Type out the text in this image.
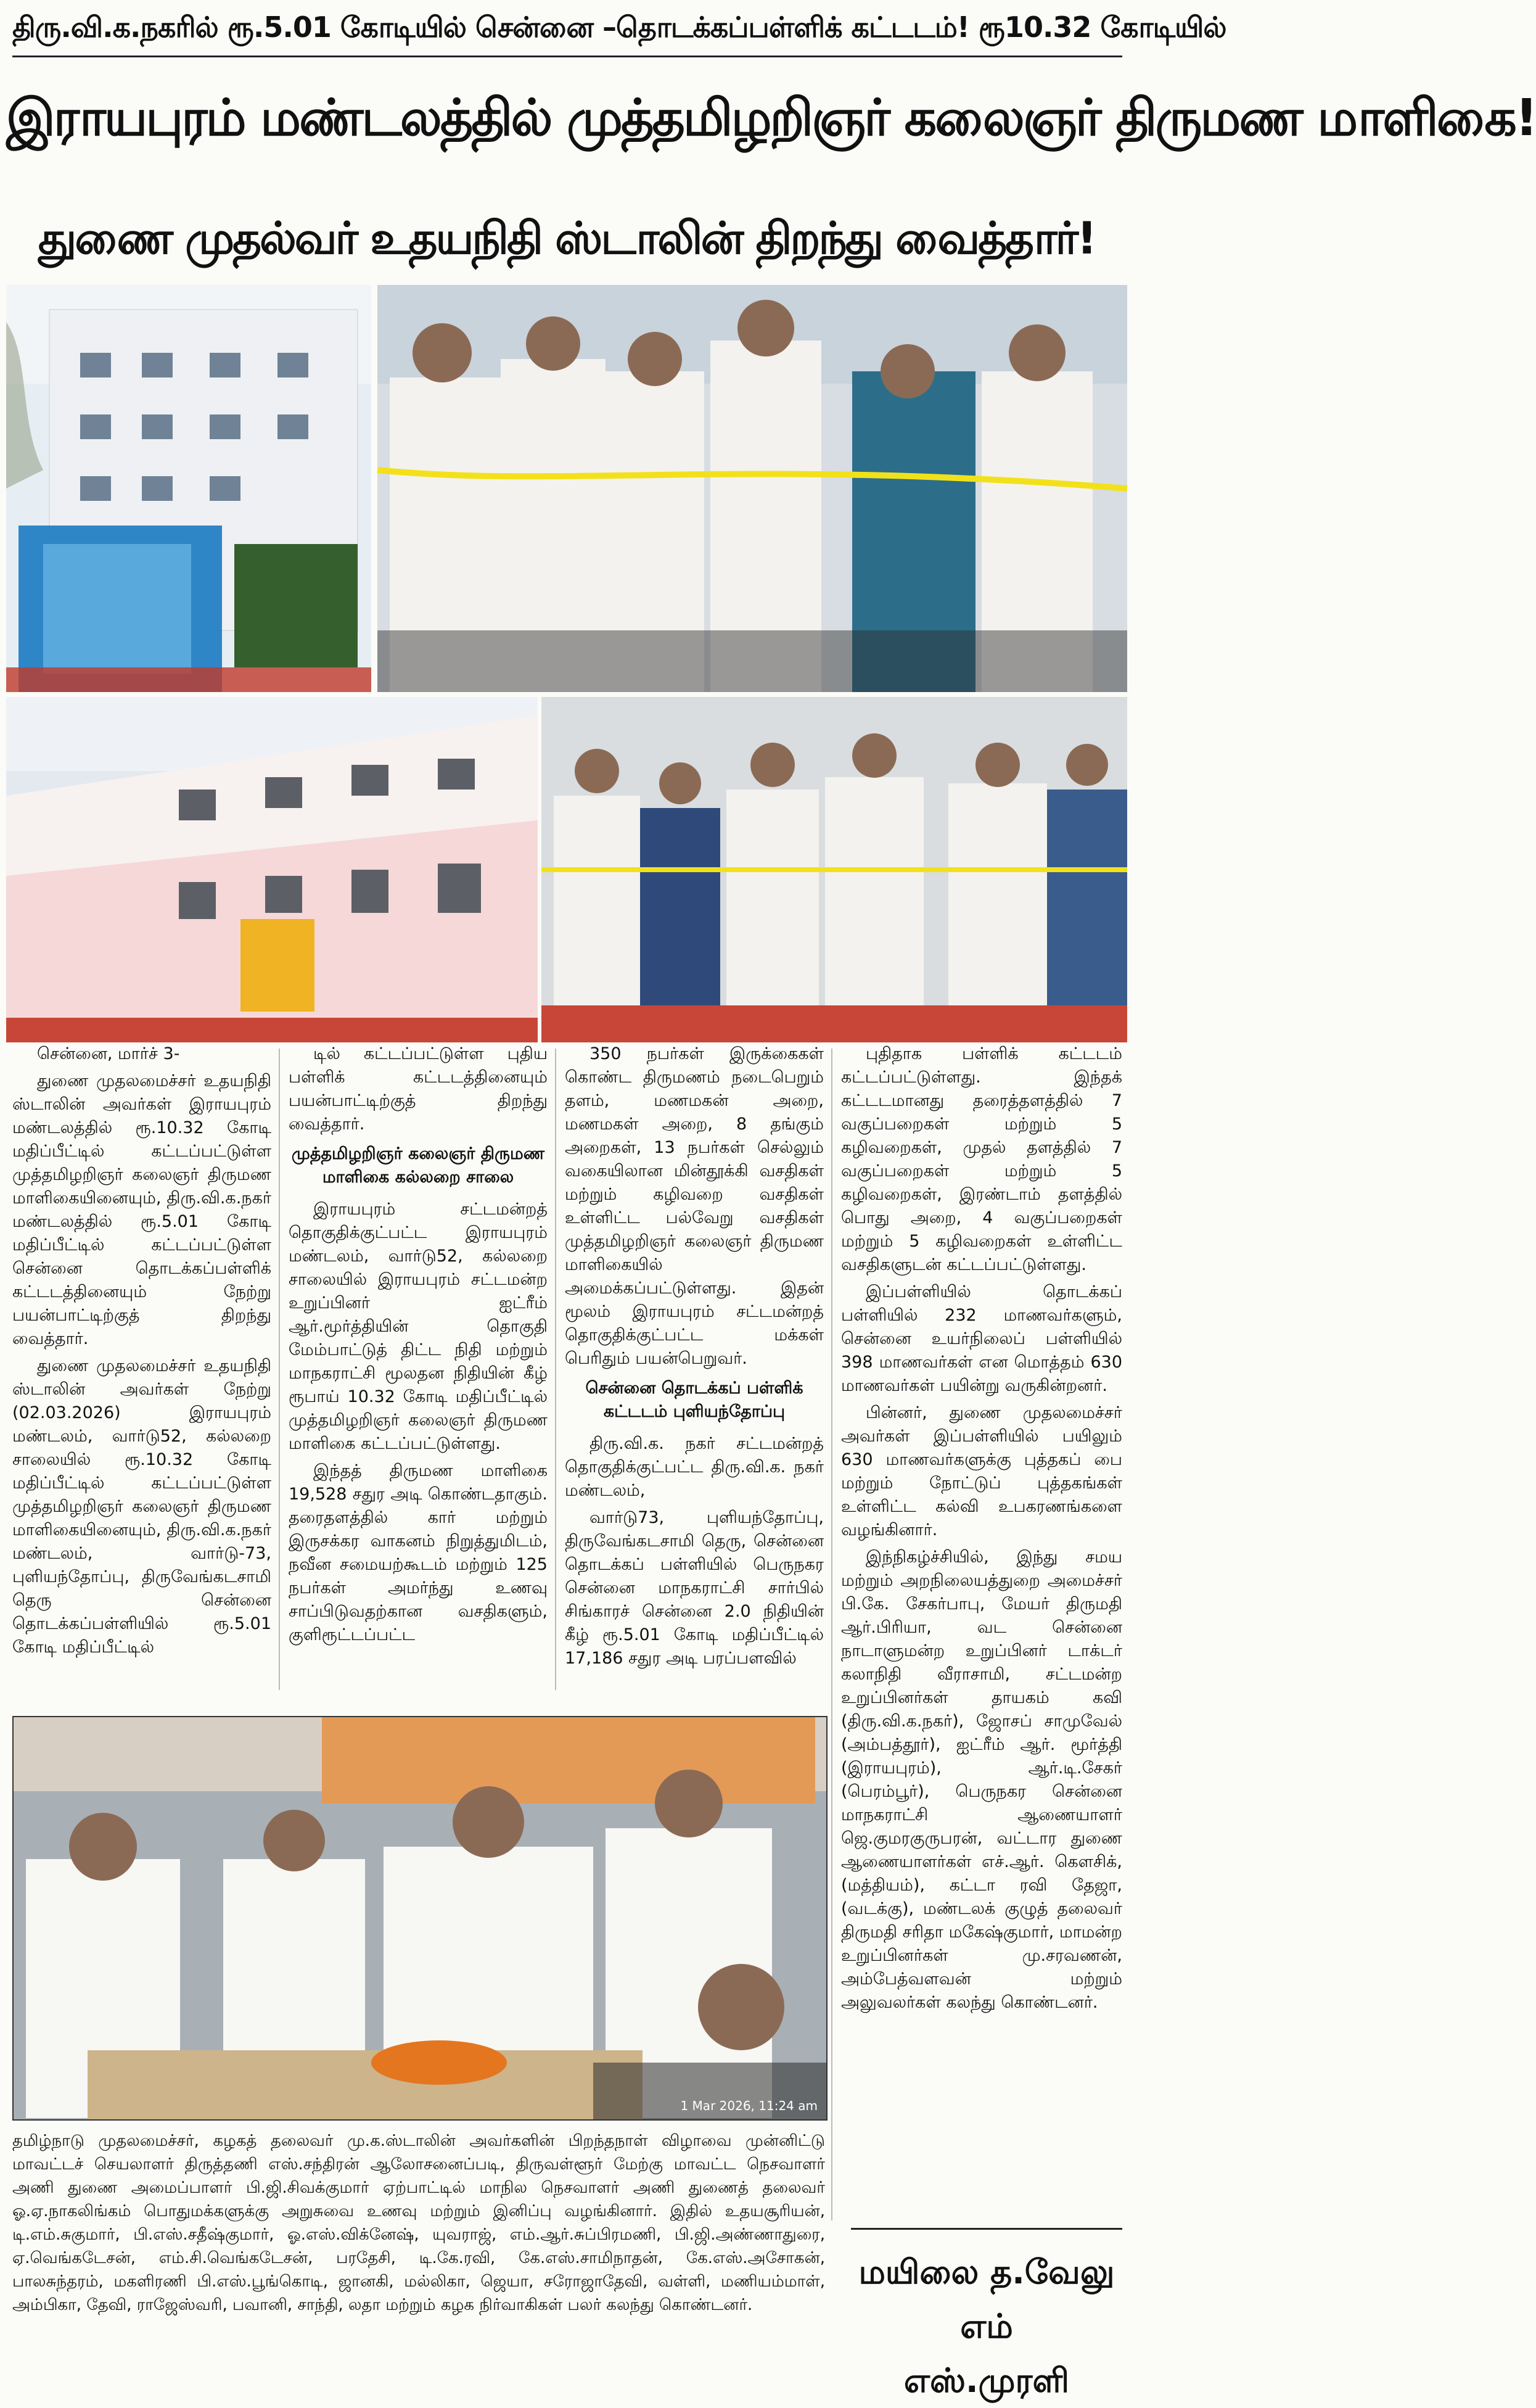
திரு.வி.க.நகரில் ரூ.5.01 கோடியில் சென்னை – தொடக்கப்பள்ளிக் கட்டடம்! ரூ10.32 கோடியில்
இராயபுரம் மண்டலத்தில் முத்தமிழறிஞர் கலைஞர் திருமண மாளிகை!
துணை முதல்வர் உதயநிதி ஸ்டாலின் திறந்து வைத்தார்!

சென்னை, மார்ச் 3-

துணை முதலமைச்சர் உதயநிதி ஸ்டாலின் அவர்கள் இராயபுரம் மண்டலத்தில் ரூ.10.32 கோடி மதிப்பீட்டில் கட்டப்பட்டுள்ள முத்தமிழறிஞர் கலைஞர் திருமண மாளிகையினையும், திரு.வி.க.நகர் மண்டலத்தில் ரூ.5.01 கோடி மதிப்பீட்டில் கட்டப்பட்டுள்ள சென்னை தொடக்கப்பள்ளிக் கட்டடத்தினையும் நேற்று பயன்பாட்டிற்குத் திறந்து வைத்தார்.

துணை முதலமைச்சர் உதயநிதி ஸ்டாலின் அவர்கள் நேற்று (02.03.2026) இராயபுரம் மண்டலம், வார்டு52, கல்லறை சாலையில் ரூ.10.32 கோடி மதிப்பீட்டில் கட்டப்பட்டுள்ள முத்தமிழறிஞர் கலைஞர் திருமண மாளிகையினையும், திரு.வி.க.நகர் மண்டலம், வார்டு-73, புளியந்தோப்பு, திருவேங்கடசாமி தெரு சென்னை தொடக்கப்பள்ளியில் ரூ.5.01 கோடி மதிப்பீட்டில்

டில் கட்டப்பட்டுள்ள புதிய பள்ளிக் கட்டடத்தினையும் பயன்பாட்டிற்குத் திறந்து வைத்தார்.

முத்தமிழறிஞர் கலைஞர் திருமண மாளிகை கல்லறை சாலை

இராயபுரம் சட்டமன்றத் தொகுதிக்குட்பட்ட இராயபுரம் மண்டலம், வார்டு52, கல்லறை சாலையில் இராயபுரம் சட்டமன்ற உறுப்பினர் ஐட்ரீம் ஆர்.மூர்த்தியின் தொகுதி மேம்பாட்டுத் திட்ட நிதி மற்றும் மாநகராட்சி மூலதன நிதியின் கீழ் ரூபாய் 10.32 கோடி மதிப்பீட்டில் முத்தமிழறிஞர் கலைஞர் திருமண மாளிகை கட்டப்பட்டுள்ளது.

இந்தத் திருமண மாளிகை 19,528 சதுர அடி கொண்டதாகும். தரைதளத்தில் கார் மற்றும் இருசக்கர வாகனம் நிறுத்துமிடம், நவீன சமையற்கூடம் மற்றும் 125 நபர்கள் அமர்ந்து உணவு சாப்பிடுவதற்கான வசதிகளும், குளிரூட்டப்பட்ட

350 நபர்கள் இருக்கைகள் கொண்ட திருமணம் நடைபெறும் தளம், மணமகன் அறை, மணமகள் அறை, 8 தங்கும் அறைகள், 13 நபர்கள் செல்லும் வகையிலான மின்தூக்கி வசதிகள் மற்றும் கழிவறை வசதிகள் உள்ளிட்ட பல்வேறு வசதிகள் முத்தமிழறிஞர் கலைஞர் திருமண மாளிகையில் அமைக்கப்பட்டுள்ளது. இதன் மூலம் இராயபுரம் சட்டமன்றத் தொகுதிக்குட்பட்ட மக்கள் பெரிதும் பயன்பெறுவர்.

சென்னை தொடக்கப் பள்ளிக் கட்டடம் புளியந்தோப்பு

திரு.வி.க. நகர் சட்டமன்றத் தொகுதிக்குட்பட்ட திரு.வி.க. நகர் மண்டலம்,

வார்டு73, புளியந்தோப்பு, திருவேங்கடசாமி தெரு, சென்னை தொடக்கப் பள்ளியில் பெருநகர சென்னை மாநகராட்சி சார்பில் சிங்காரச் சென்னை 2.0 நிதியின் கீழ் ரூ.5.01 கோடி மதிப்பீட்டில் 17,186 சதுர அடி பரப்பளவில்

புதிதாக பள்ளிக் கட்டடம் கட்டப்பட்டுள்ளது. இந்தக் கட்டடமானது தரைத்தளத்தில் 7 வகுப்பறைகள் மற்றும் 5 கழிவறைகள், முதல் தளத்தில் 7 வகுப்பறைகள் மற்றும் 5 கழிவறைகள், இரண்டாம் தளத்தில் பொது அறை, 4 வகுப்பறைகள் மற்றும் 5 கழிவறைகள் உள்ளிட்ட வசதிகளுடன் கட்டப்பட்டுள்ளது.

இப்பள்ளியில் தொடக்கப் பள்ளியில் 232 மாணவர்களும், சென்னை உயர்நிலைப் பள்ளியில் 398 மாணவர்கள் என மொத்தம் 630 மாணவர்கள் பயின்று வருகின்றனர்.

பின்னர், துணை முதலமைச்சர் அவர்கள் இப்பள்ளியில் பயிலும் 630 மாணவர்களுக்கு புத்தகப் பை மற்றும் நோட்டுப் புத்தகங்கள் உள்ளிட்ட கல்வி உபகரணங்களை வழங்கினார்.

இந்நிகழ்ச்சியில், இந்து சமய மற்றும் அறநிலையத்துறை அமைச்சர் பி.கே. சேகர்பாபு, மேயர் திருமதி ஆர்.பிரியா, வட சென்னை நாடாளுமன்ற உறுப்பினர் டாக்டர் கலாநிதி வீராசாமி, சட்டமன்ற உறுப்பினர்கள் தாயகம் கவி (திரு.வி.க.நகர்), ஜோசப் சாமுவேல் (அம்பத்தூர்), ஐட்ரீம் ஆர். மூர்த்தி (இராயபுரம்), ஆர்.டி.சேகர் (பெரம்பூர்), பெருநகர சென்னை மாநகராட்சி ஆணையாளர் ஜெ.குமரகுருபரன், வட்டார துணை ஆணையாளர்கள் எச்.ஆர். கௌசிக், (மத்தியம்), கட்டா ரவி தேஜா, (வடக்கு), மண்டலக் குழுத் தலைவர் திருமதி சரிதா மகேஷ்குமார், மாமன்ற உறுப்பினர்கள் மு.சரவணன், அம்பேத்வளவன் மற்றும் அலுவலர்கள் கலந்து கொண்டனர்.

1 Mar 2026, 11:24 am
தமிழ்நாடு முதலமைச்சர், கழகத் தலைவர் மு.க.ஸ்டாலின் அவர்களின் பிறந்தநாள் விழாவை முன்னிட்டு மாவட்டச் செயலாளர் திருத்தணி எஸ்.சந்திரன் ஆலோசனைப்படி, திருவள்ளூர் மேற்கு மாவட்ட நெசவாளர் அணி துணை அமைப்பாளர் பி.ஜி.சிவக்குமார் ஏற்பாட்டில் மாநில நெசவாளர் அணி துணைத் தலைவர் ஓ.ஏ.நாகலிங்கம் பொதுமக்களுக்கு அறுசுவை உணவு மற்றும் இனிப்பு வழங்கினார். இதில் உதயசூரியன், டி.எம்.சுகுமார், பி.எஸ்.சதீஷ்குமார், ஓ.எஸ்.விக்னேஷ், யுவராஜ், எம்.ஆர்.சுப்பிரமணி, பி.ஜி.அண்ணாதுரை, ஏ.வெங்கடேசன், எம்.சி.வெங்கடேசன், பரதேசி, டி.கே.ரவி, கே.எஸ்.சாமிநாதன், கே.எஸ்.அசோகன், பாலசுந்தரம், மகளிரணி பி.எஸ்.பூங்கொடி, ஜானகி, மல்லிகா, ஜெயா, சரோஜாதேவி, வள்ளி, மணியம்மாள், அம்பிகா, தேவி, ராஜேஸ்வரி, பவானி, சாந்தி, லதா மற்றும் கழக நிர்வாகிகள் பலர் கலந்து கொண்டனர்.
மயிலை த.வேலு எம்
எஸ்.முரளி
